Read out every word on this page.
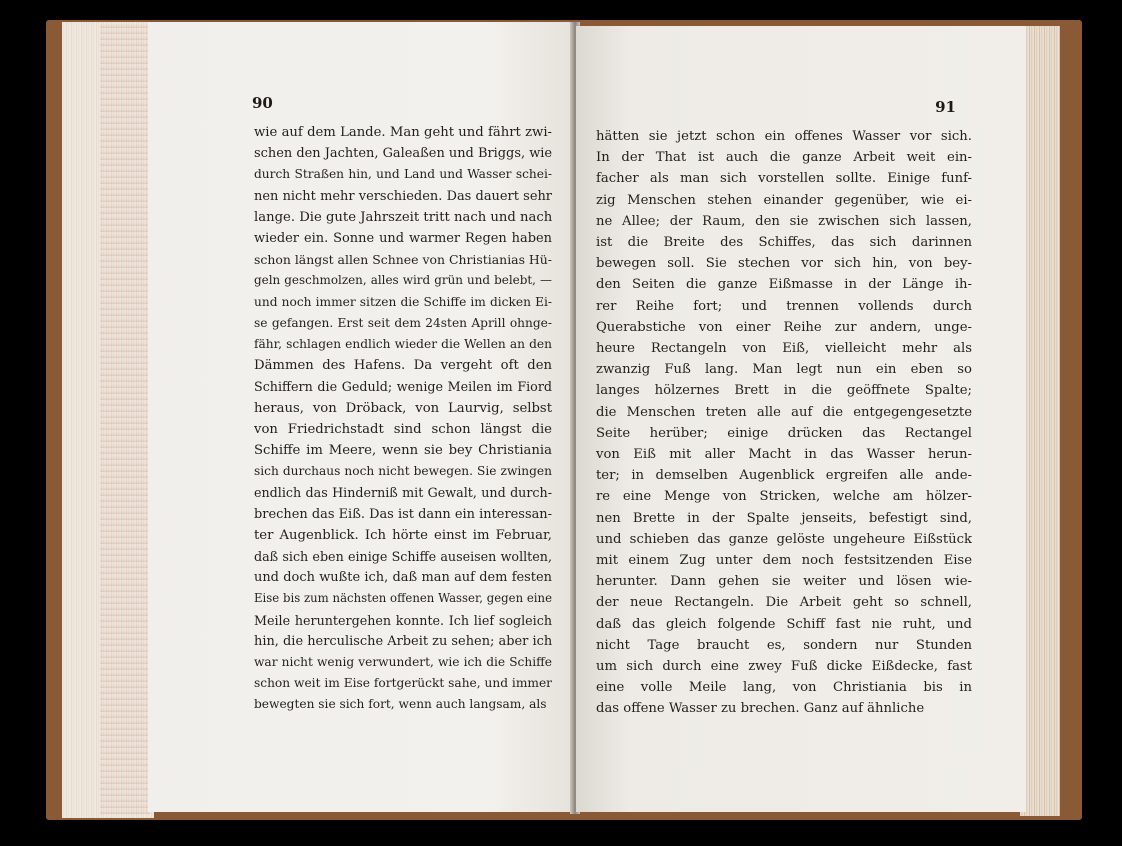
90
wie auf dem Lande. Man geht und fährt zwi-
schen den Jachten, Galeaßen und Briggs, wie
durch Straßen hin, und Land und Wasser schei-
nen nicht mehr verschieden. Das dauert sehr
lange. Die gute Jahrszeit tritt nach und nach
wieder ein. Sonne und warmer Regen haben
schon längst allen Schnee von Christianias Hü-
geln geschmolzen, alles wird grün und belebt, —
und noch immer sitzen die Schiffe im dicken Ei-
se gefangen. Erst seit dem 24sten Aprill ohnge-
fähr, schlagen endlich wieder die Wellen an den
Dämmen des Hafens. Da vergeht oft den
Schiffern die Geduld; wenige Meilen im Fiord
heraus, von Dröback, von Laurvig, selbst
von Friedrichstadt sind schon längst die
Schiffe im Meere, wenn sie bey Christiania
sich durchaus noch nicht bewegen. Sie zwingen
endlich das Hinderniß mit Gewalt, und durch-
brechen das Eiß. Das ist dann ein interessan-
ter Augenblick. Ich hörte einst im Februar,
daß sich eben einige Schiffe auseisen wollten,
und doch wußte ich, daß man auf dem festen
Eise bis zum nächsten offenen Wasser, gegen eine
Meile heruntergehen konnte. Ich lief sogleich
hin, die herculische Arbeit zu sehen; aber ich
war nicht wenig verwundert, wie ich die Schiffe
schon weit im Eise fortgerückt sahe, und immer
bewegten sie sich fort, wenn auch langsam, als
91
hätten sie jetzt schon ein offenes Wasser vor sich.
In der That ist auch die ganze Arbeit weit ein-
facher als man sich vorstellen sollte. Einige funf-
zig Menschen stehen einander gegenüber, wie ei-
ne Allee; der Raum, den sie zwischen sich lassen,
ist die Breite des Schiffes, das sich darinnen
bewegen soll. Sie stechen vor sich hin, von bey-
den Seiten die ganze Eißmasse in der Länge ih-
rer Reihe fort; und trennen vollends durch
Querabstiche von einer Reihe zur andern, unge-
heure Rectangeln von Eiß, vielleicht mehr als
zwanzig Fuß lang. Man legt nun ein eben so
langes hölzernes Brett in die geöffnete Spalte;
die Menschen treten alle auf die entgegengesetzte
Seite herüber; einige drücken das Rectangel
von Eiß mit aller Macht in das Wasser herun-
ter; in demselben Augenblick ergreifen alle ande-
re eine Menge von Stricken, welche am hölzer-
nen Brette in der Spalte jenseits, befestigt sind,
und schieben das ganze gelöste ungeheure Eißstück
mit einem Zug unter dem noch festsitzenden Eise
herunter. Dann gehen sie weiter und lösen wie-
der neue Rectangeln. Die Arbeit geht so schnell,
daß das gleich folgende Schiff fast nie ruht, und
nicht Tage braucht es, sondern nur Stunden
um sich durch eine zwey Fuß dicke Eißdecke, fast
eine volle Meile lang, von Christiania bis in
das offene Wasser zu brechen. Ganz auf ähnliche
